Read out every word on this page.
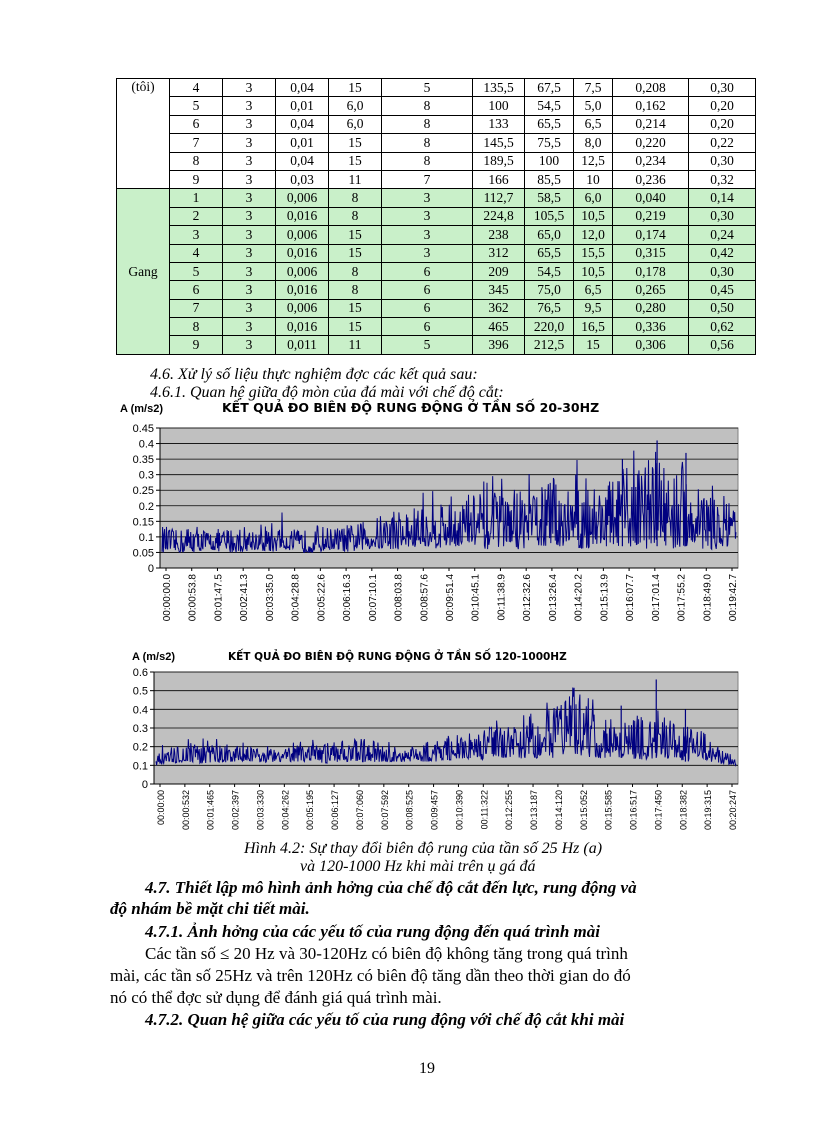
(tôi)	4	3	0,04	15	5	135,5	67,5	7,5	0,208	0,30
	5	3	0,01	6,0	8	100	54,5	5,0	0,162	0,20
	6	3	0,04	6,0	8	133	65,5	6,5	0,214	0,20
	7	3	0,01	15	8	145,5	75,5	8,0	0,220	0,22
	8	3	0,04	15	8	189,5	100	12,5	0,234	0,30
	9	3	0,03	11	7	166	85,5	10	0,236	0,32
Gang	1	3	0,006	8	3	112,7	58,5	6,0	0,040	0,14
	2	3	0,016	8	3	224,8	105,5	10,5	0,219	0,30
	3	3	0,006	15	3	238	65,0	12,0	0,174	0,24
	4	3	0,016	15	3	312	65,5	15,5	0,315	0,42
	5	3	0,006	8	6	209	54,5	10,5	0,178	0,30
	6	3	0,016	8	6	345	75,0	6,5	0,265	0,45
	7	3	0,006	15	6	362	76,5	9,5	0,280	0,50
	8	3	0,016	15	6	465	220,0	16,5	0,336	0,62
	9	3	0,011	11	5	396	212,5	15	0,306	0,56
4.6. Xử lý số liệu thực nghiệm đợc các kết quả sau:
4.6.1. Quan hệ giữa độ mòn của đá mài với chế độ cắt:
0
0.05
0.1
0.15
0.2
0.25
0.3
0.35
0.4
0.45
A (m/s2)	KẾT QUẢ ĐO BIÊN ĐỘ RUNG ĐỘNG Ở TẦN SỐ 20-30HZ
00:00:00.0 00:00:53.8 00:01:47.5 00:02:41.3 00:03:35.0 00:04:28.8 00:05:22.6 00:06:16.3 00:07:10.1 00:08:03.8 00:08:57.6 00:09:51.4 00:10:45.1 00:11:38.9 00:12:32.6 00:13:26.4 00:14:20.2 00:15:13.9 00:16:07.7 00:17:01.4 00:17:55.2 00:18:49.0 00:19:42.7
0
0.1
0.2
0.3
0.4
0.5
0.6
A (m/s2)	KẾT QUẢ ĐO BIÊN ĐỘ RUNG ĐỘNG Ở TẦN SỐ 120-1000HZ
00:00:00 00:00:532 00:01:465 00:02:397 00:03:330 00:04:262 00:05:195 00:06:127 00:07:060 00:07:592 00:08:525 00:09:457 00:10:390 00:11:322 00:12:255 00:13:187 00:14:120 00:15:052 00:15:585 00:16:517 00:17:450 00:18:382 00:19:315 00:20:247
Hình 4.2: Sự thay đổi biên độ rung của tần số 25 Hz (a)
và 120-1000 Hz khi mài trên ụ gá đá
4.7. Thiết lập mô hình ảnh hởng của chế độ cắt đến lực, rung động và
độ nhám bề mặt chi tiết mài.
4.7.1. Ảnh hởng của các yếu tố của rung động đến quá trình mài
Các tần số ≤ 20 Hz và 30-120Hz có biên độ không tăng trong quá trình
mài, các tần số 25Hz và trên 120Hz có biên độ tăng dần theo thời gian do đó
nó có thể đợc sử dụng để đánh giá quá trình mài.
4.7.2. Quan hệ giữa các yếu tố của rung động với chế độ cắt khi mài
19
